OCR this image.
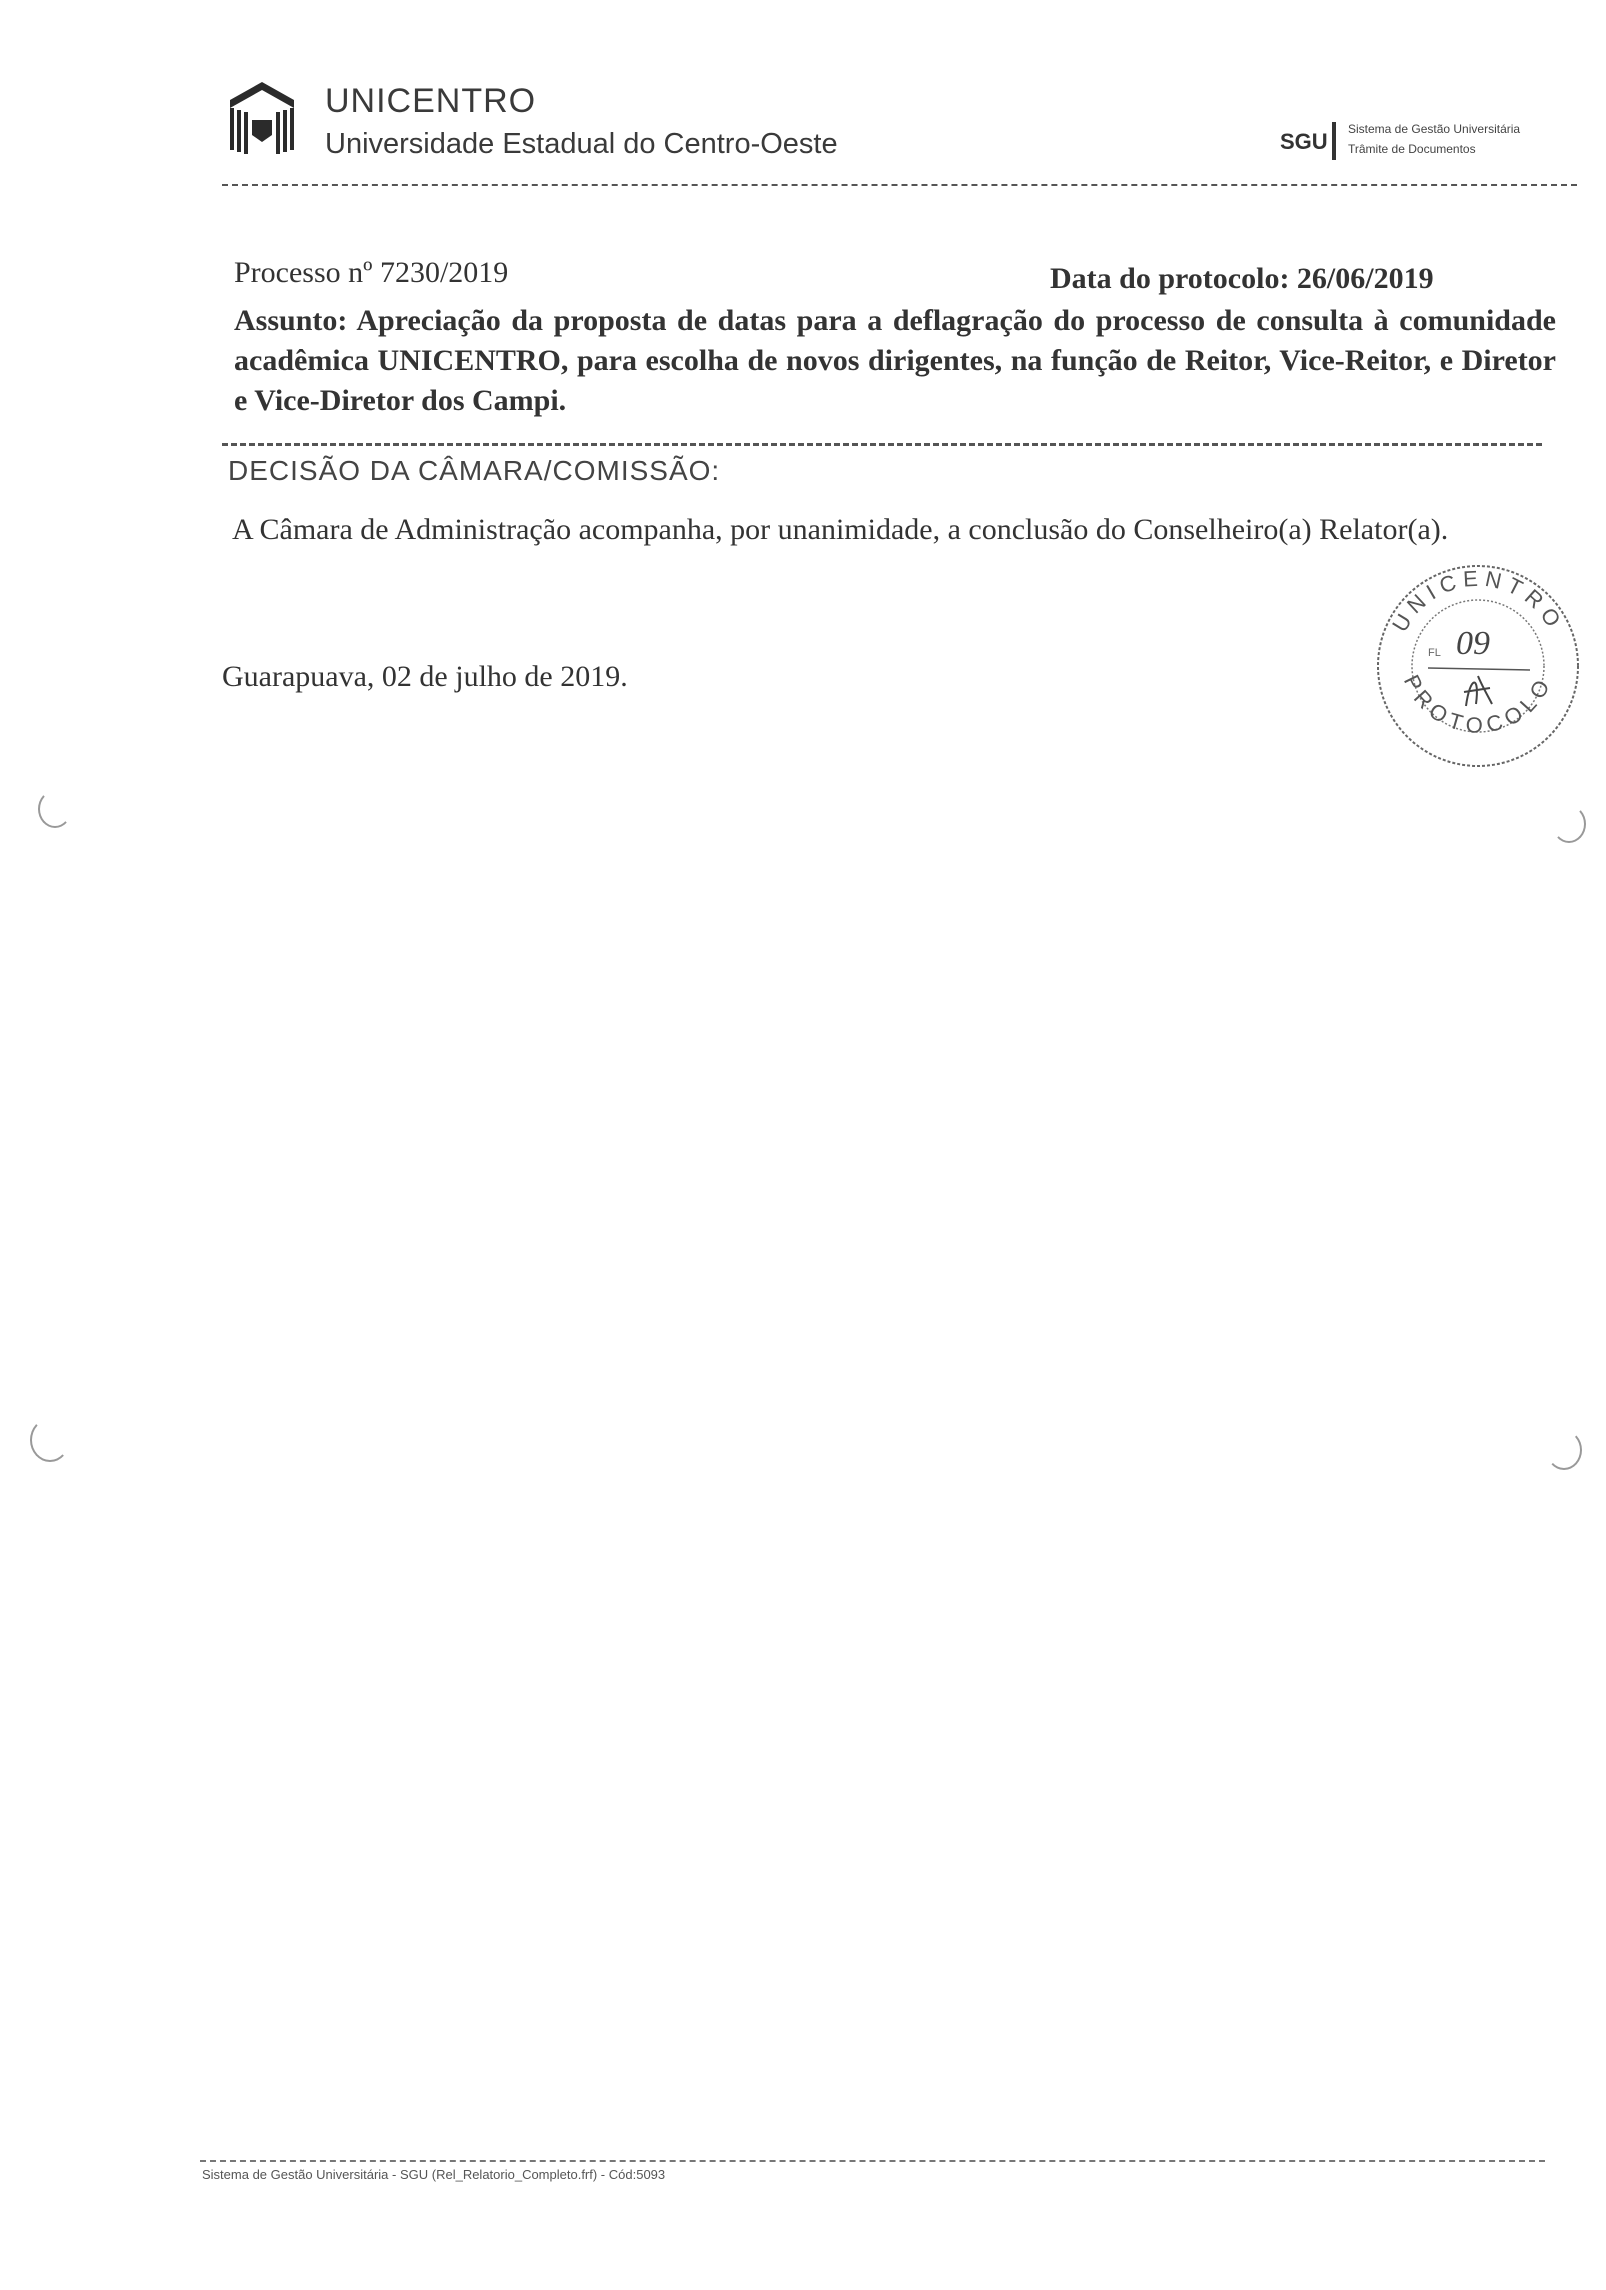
UNICENTRO
Universidade Estadual do Centro-Oeste	SGU Sistema de Gestão Universitária
Trâmite de Documentos
Processo nº 7230/2019	Data do protocolo: 26/06/2019
Assunto: Apreciação da proposta de datas para a deflagração do processo de consulta à comunidade acadêmica UNICENTRO, para escolha de novos dirigentes, na função de Reitor, Vice-Reitor, e Diretor e Vice-Diretor dos Campi.
DECISÃO DA CÂMARA/COMISSÃO:
A Câmara de Administração acompanha, por unanimidade, a conclusão do Conselheiro(a) Relator(a).
Guarapuava, 02 de julho de 2019.
UNICENTRO
PROTOCOLO
FL 09
Sistema de Gestão Universitária - SGU (Rel_Relatorio_Completo.frf) - Cód:5093
